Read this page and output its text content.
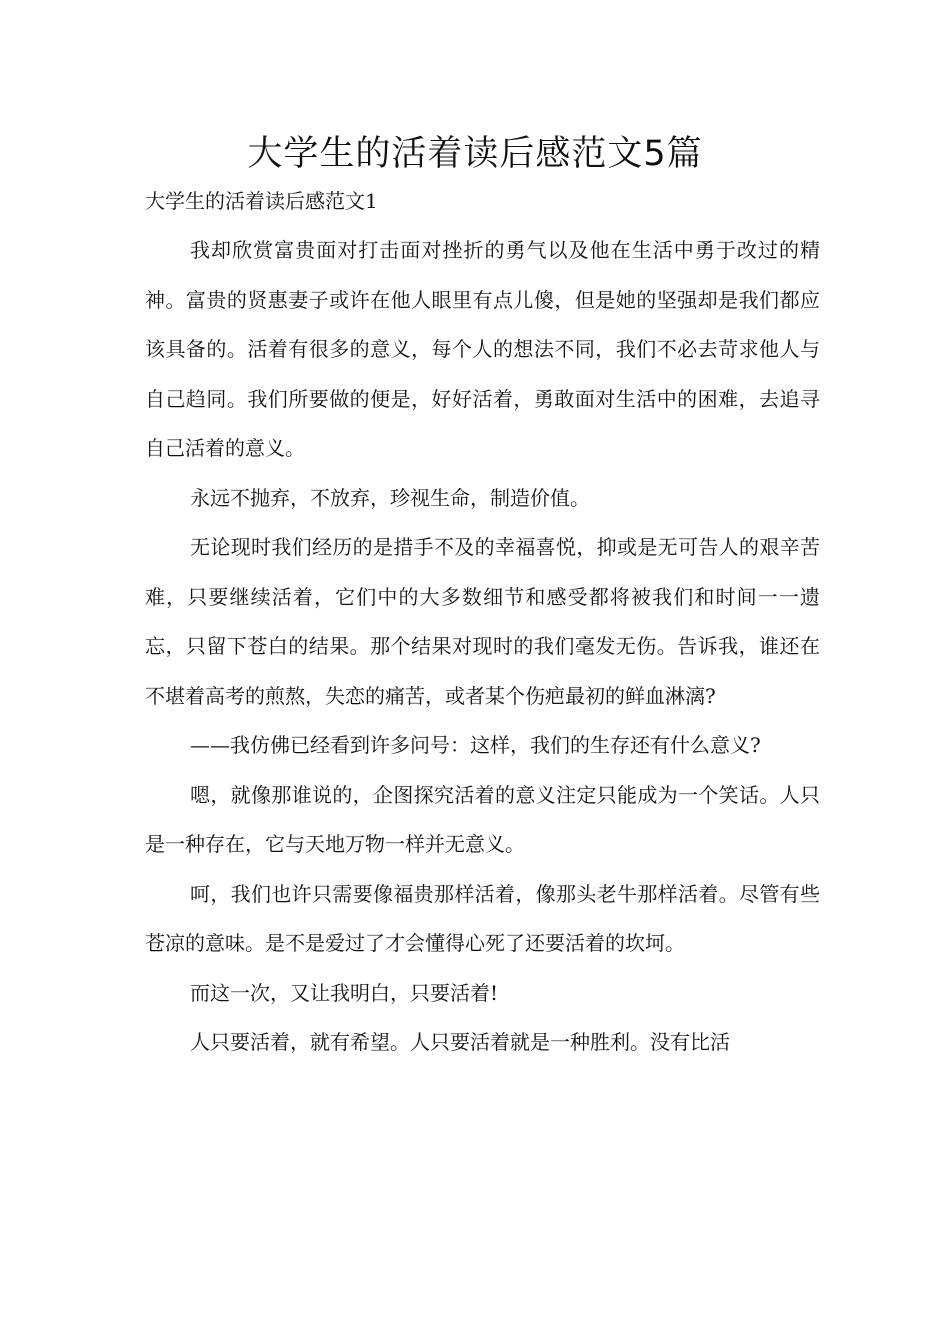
大学生的活着读后感范文5篇
大学生的活着读后感范文1

我却欣赏富贵面对打击面对挫折的勇气以及他在生活中勇于改过的精神。富贵的贤惠妻子或许在他人眼里有点儿傻，但是她的坚强却是我们都应该具备的。活着有很多的意义，每个人的想法不同，我们不必去苛求他人与自己趋同。我们所要做的便是，好好活着，勇敢面对生活中的困难，去追寻自己活着的意义。

永远不抛弃，不放弃，珍视生命，制造价值。

无论现时我们经历的是措手不及的幸福喜悦，抑或是无可告人的艰辛苦难，只要继续活着，它们中的大多数细节和感受都将被我们和时间一一遗忘，只留下苍白的结果。那个结果对现时的我们毫发无伤。告诉我，谁还在不堪着高考的煎熬，失恋的痛苦，或者某个伤疤最初的鲜血淋漓?

——我仿佛已经看到许多问号：这样，我们的生存还有什么意义?

嗯，就像那谁说的，企图探究活着的意义注定只能成为一个笑话。人只是一种存在，它与天地万物一样并无意义。

呵，我们也许只需要像福贵那样活着，像那头老牛那样活着。尽管有些苍凉的意味。是不是爱过了才会懂得心死了还要活着的坎坷。

而这一次，又让我明白，只要活着!

人只要活着，就有希望。人只要活着就是一种胜利。没有比活
